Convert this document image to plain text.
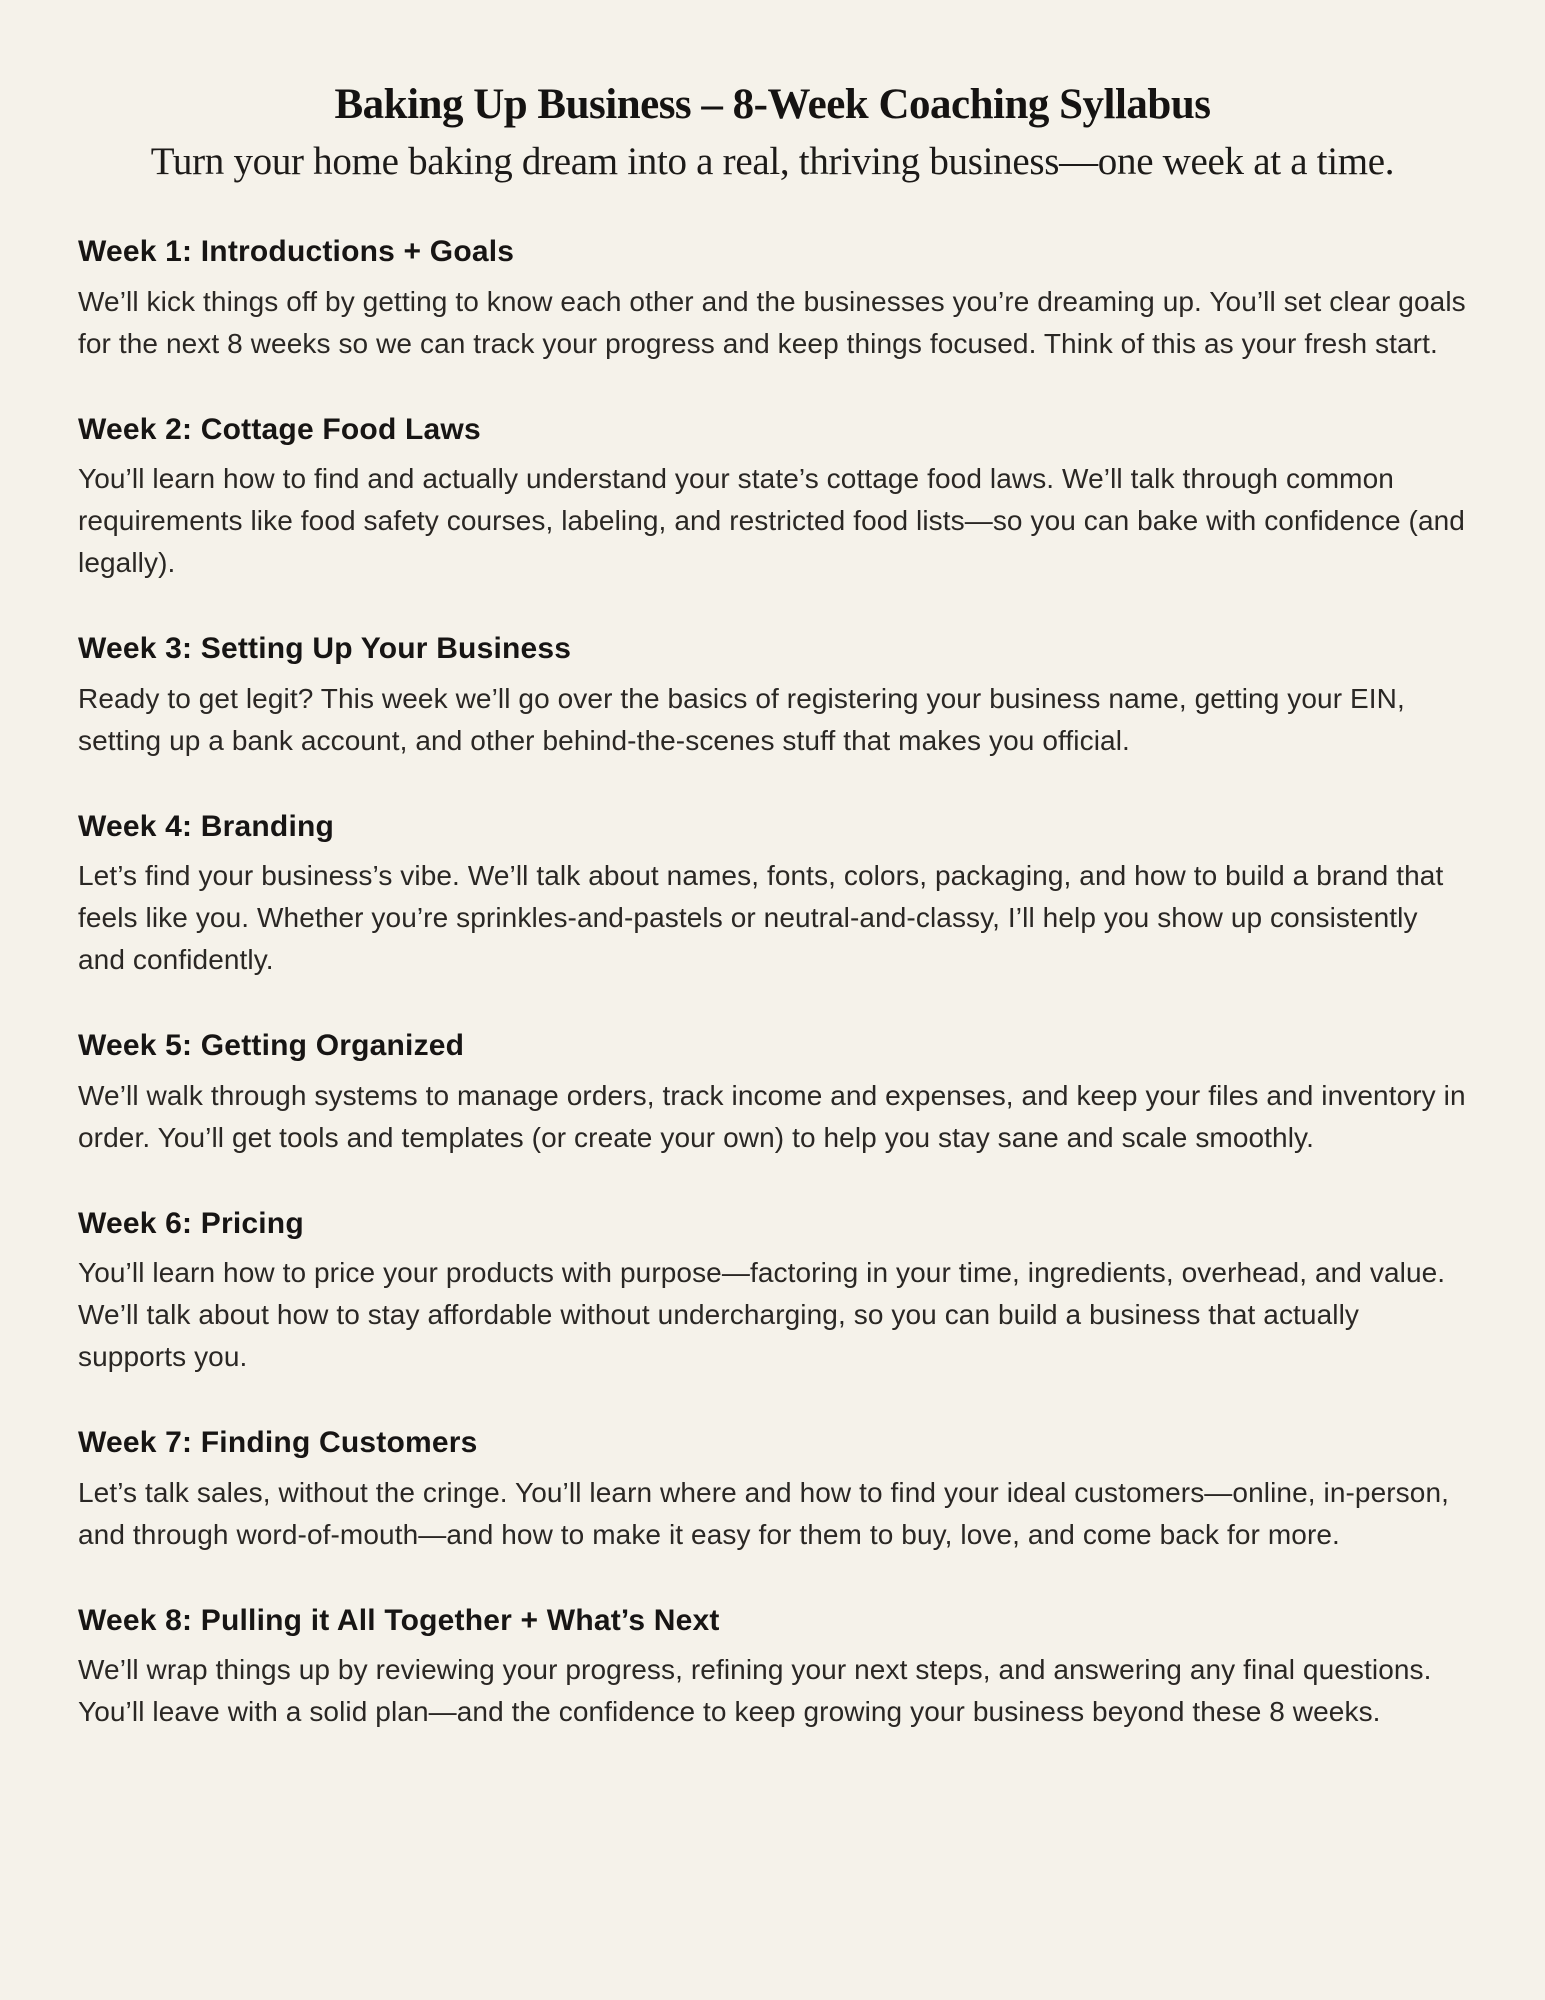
Baking Up Business – 8-Week Coaching Syllabus
Turn your home baking dream into a real, thriving business—one week at a time.
Week 1: Introductions + Goals

We’ll kick things off by getting to know each other and the businesses you’re dreaming up. You’ll set clear goals for the next 8 weeks so we can track your progress and keep things focused. Think of this as your fresh start.

Week 2: Cottage Food Laws

You’ll learn how to find and actually understand your state’s cottage food laws. We’ll talk through common requirements like food safety courses, labeling, and restricted food lists—so you can bake with confidence (and legally).

Week 3: Setting Up Your Business

Ready to get legit? This week we’ll go over the basics of registering your business name, getting your EIN, setting up a bank account, and other behind-the-scenes stuff that makes you official.

Week 4: Branding

Let’s find your business’s vibe. We’ll talk about names, fonts, colors, packaging, and how to build a brand that feels like you. Whether you’re sprinkles-and-pastels or neutral-and-classy, I’ll help you show up consistently and confidently.

Week 5: Getting Organized

We’ll walk through systems to manage orders, track income and expenses, and keep your files and inventory in order. You’ll get tools and templates (or create your own) to help you stay sane and scale smoothly.

Week 6: Pricing

You’ll learn how to price your products with purpose—factoring in your time, ingredients, overhead, and value. We’ll talk about how to stay affordable without undercharging, so you can build a business that actually supports you.

Week 7: Finding Customers

Let’s talk sales, without the cringe. You’ll learn where and how to find your ideal customers—online, in-person, and through word-of-mouth—and how to make it easy for them to buy, love, and come back for more.

Week 8: Pulling it All Together + What’s Next

We’ll wrap things up by reviewing your progress, refining your next steps, and answering any final questions. You’ll leave with a solid plan—and the confidence to keep growing your business beyond these 8 weeks.
